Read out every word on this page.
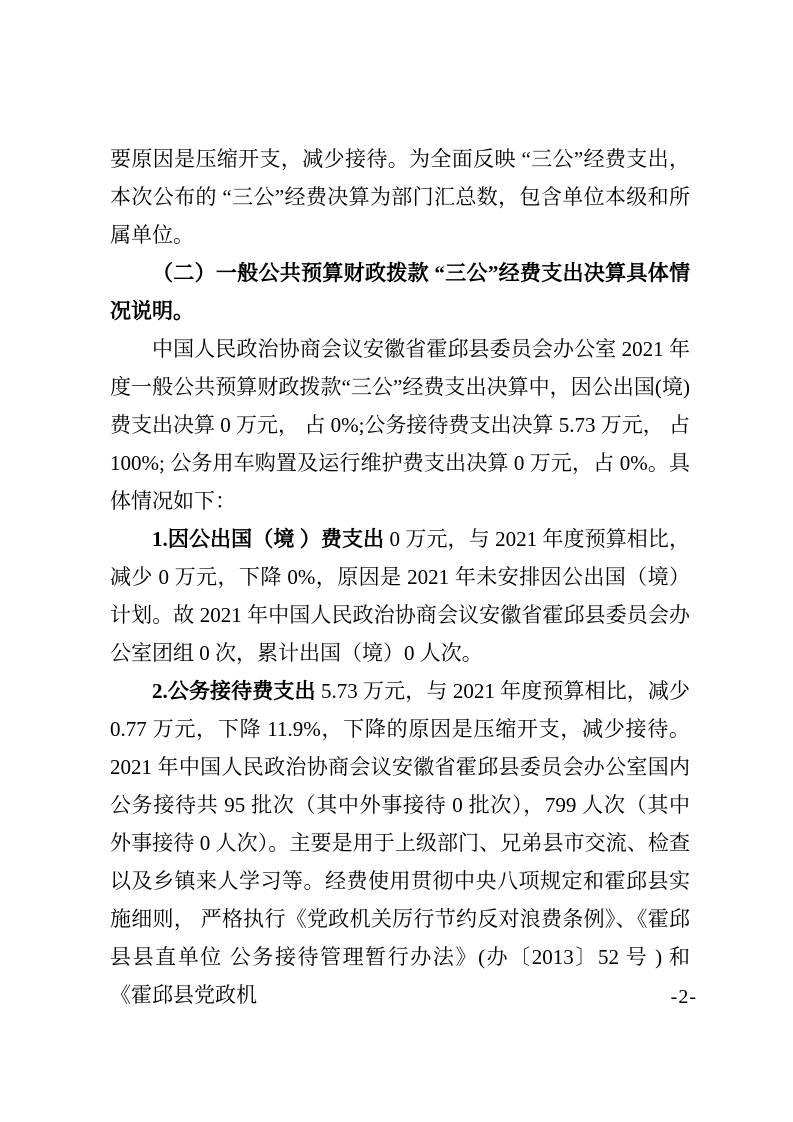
要原因是压缩开支，减少接待。为全面反映 “三公”经费支出，本次公布的 “三公”经费决算为部门汇总数，包含单位本级和所属单位。

（二）一般公共预算财政拨款 “三公”经费支出决算具体情况说明。

中国人民政治协商会议安徽省霍邱县委员会办公室 2021 年度一般公共预算财政拨款“三公”经费支出决算中，因公出国(境)费支出决算 0 万元， 占 0%;公务接待费支出决算 5.73 万元， 占 100%; 公务用车购置及运行维护费支出决算 0 万元，占 0%。具体情况如下：

1.因公出国（境 ）费支出 0 万元，与 2021 年度预算相比，减少 0 万元，下降 0%，原因是 2021 年未安排因公出国（境）计划。故 2021 年中国人民政治协商会议安徽省霍邱县委员会办公室团组 0 次，累计出国（境）0 人次。

2.公务接待费支出 5.73 万元，与 2021 年度预算相比，减少 0.77 万元，下降 11.9%，下降的原因是压缩开支，减少接待。2021 年中国人民政治协商会议安徽省霍邱县委员会办公室国内公务接待共 95 批次（其中外事接待 0 批次），799 人次（其中外事接待 0 人次）。主要是用于上级部门、兄弟县市交流、检查以及乡镇来人学习等。经费使用贯彻中央八项规定和霍邱县实施细则， 严格执行《党政机关厉行节约反对浪费条例》、《霍邱县县直单位 公务接待管理暂行办法》(办〔2013〕52 号 ) 和《霍邱县党政机	-2-
